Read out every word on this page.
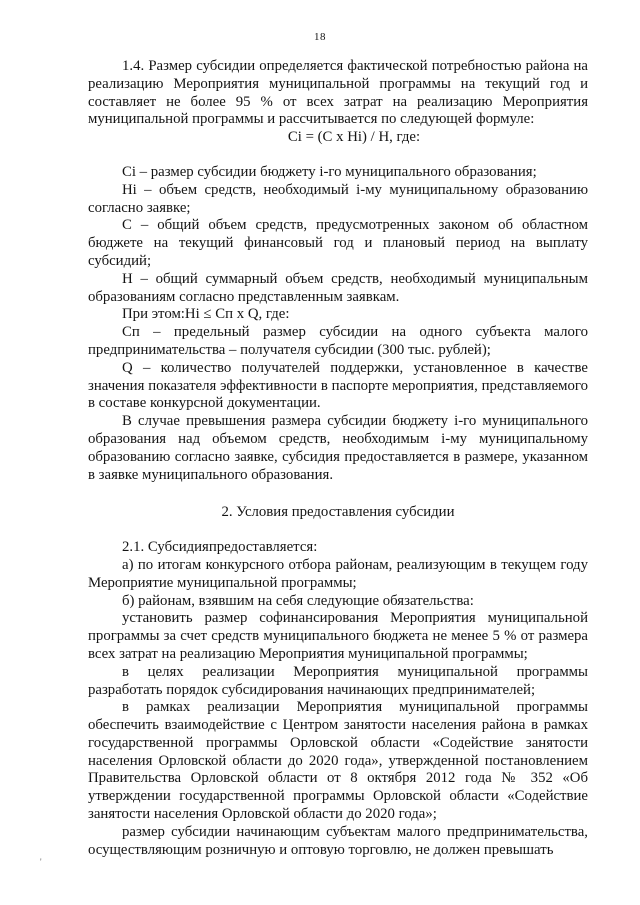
18

1.4. Размер субсидии определяется фактической потребностью района на реализацию Мероприятия муниципальной программы на текущий год и составляет не более 95 % от всех затрат на реализацию Мероприятия муниципальной программы и рассчитывается по следующей формуле:

Ci = (C x Hi) / H, где:

Ci – размер субсидии бюджету i-го муниципального образования;

Hi – объем средств, необходимый i-му муниципальному образованию согласно заявке;

С – общий объем средств, предусмотренных законом об областном бюджете на текущий финансовый год и плановый период на выплату субсидий;

Н – общий суммарный объем средств, необходимый муниципальным образованиям согласно представленным заявкам.

При этом:Hi ≤ Cп x Q, где:

Cп – предельный размер субсидии на одного субъекта малого предпринимательства – получателя субсидии (300 тыс. рублей);

Q – количество получателей поддержки, установленное в качестве значения показателя эффективности в паспорте мероприятия, представляемого в составе конкурсной документации.

В случае превышения размера субсидии бюджету i-го муниципального образования над объемом средств, необходимым i-му муниципальному образованию согласно заявке, субсидия предоставляется в размере, указанном в заявке муниципального образования.

2. Условия предоставления субсидии

2.1. Субсидияпредоставляется:

а) по итогам конкурсного отбора районам, реализующим в текущем году Мероприятие муниципальной программы;

б) районам, взявшим на себя следующие обязательства:

установить размер софинансирования Мероприятия муниципальной программы за счет средств муниципального бюджета не менее 5 % от размера всех затрат на реализацию Мероприятия муниципальной программы;

в целях реализации Мероприятия муниципальной программы разработать порядок субсидирования начинающих предпринимателей;

в рамках реализации Мероприятия муниципальной программы обеспечить взаимодействие с Центром занятости населения района в рамках государственной программы Орловской области «Содействие занятости населения Орловской области до 2020 года», утвержденной постановлением Правительства Орловской области от 8 октября 2012 года № 352 «Об утверждении государственной программы Орловской области «Содействие занятости населения Орловской области до 2020 года»;

размер субсидии начинающим субъектам малого предпринимательства, осуществляющим розничную и оптовую торговлю, не должен превышать

'
